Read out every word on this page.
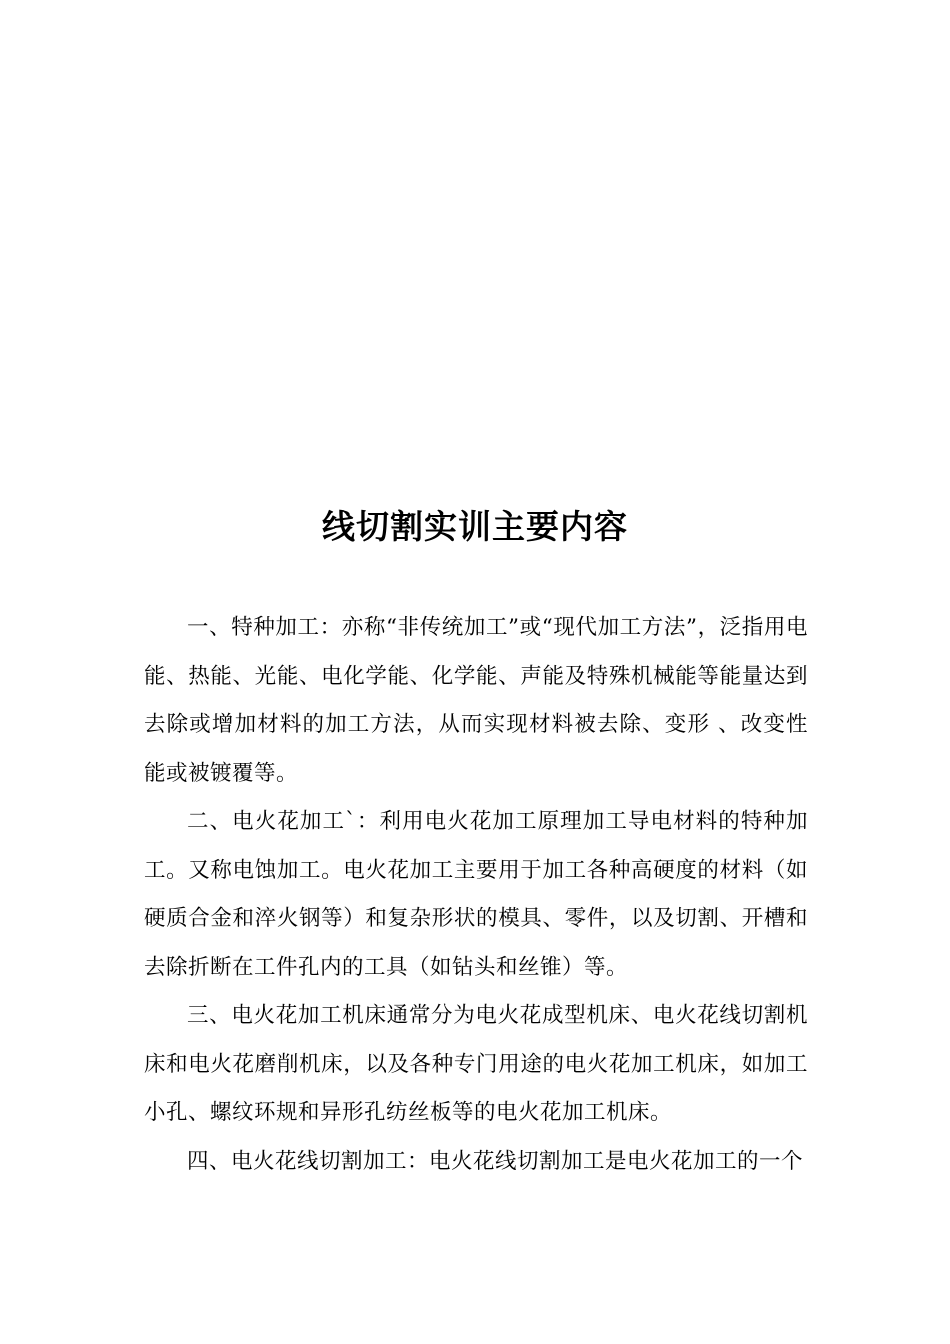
线切割实训主要内容

一、特种加工：亦称“非传统加工”或“现代加工方法”，泛指用电能、热能、光能、电化学能、化学能、声能及特殊机械能等能量达到去除或增加材料的加工方法，从而实现材料被去除、变形 、改变性能或被镀覆等。

二、电火花加工`：利用电火花加工原理加工导电材料的特种加工。又称电蚀加工。电火花加工主要用于加工各种高硬度的材料（如硬质合金和淬火钢等）和复杂形状的模具、零件，以及切割、开槽和去除折断在工件孔内的工具（如钻头和丝锥）等。

三、电火花加工机床通常分为电火花成型机床、电火花线切割机床和电火花磨削机床，以及各种专门用途的电火花加工机床，如加工小孔、螺纹环规和异形孔纺丝板等的电火花加工机床。

四、电火花线切割加工：电火花线切割加工是电火花加工的一个
